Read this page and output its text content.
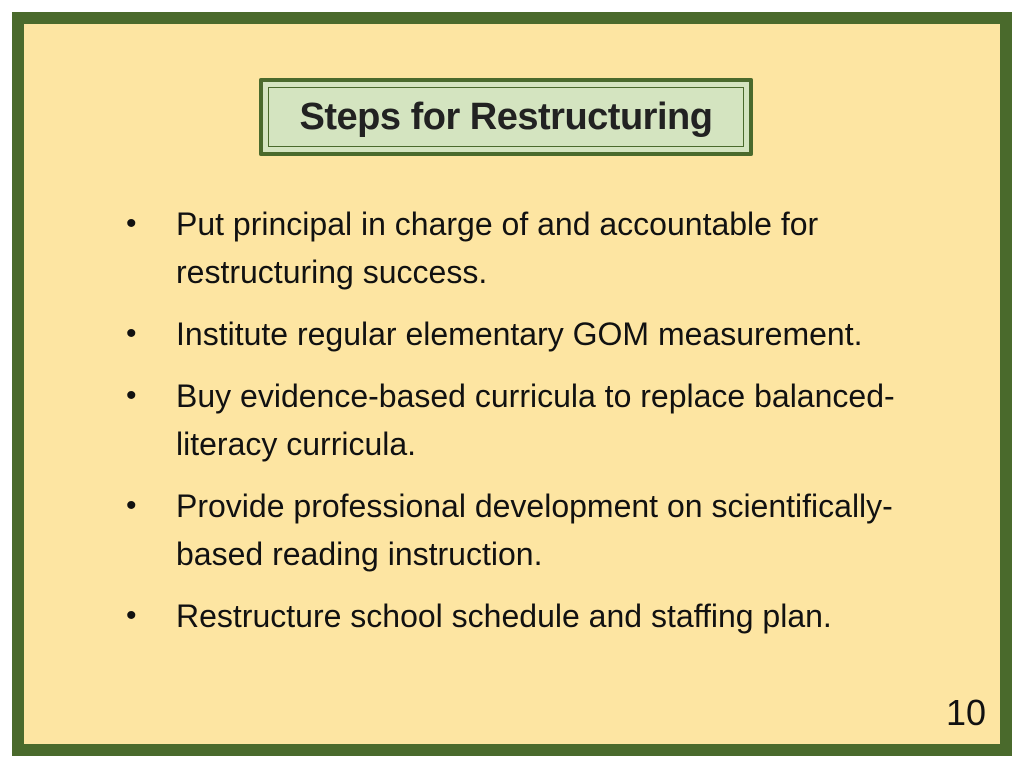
Steps for Restructuring
• Put principal in charge of and accountable for restructuring success.
• Institute regular elementary GOM measurement.
• Buy evidence-based curricula to replace balanced-literacy curricula.
• Provide professional development on scientifically-based reading instruction.
• Restructure school schedule and staffing plan.
10
